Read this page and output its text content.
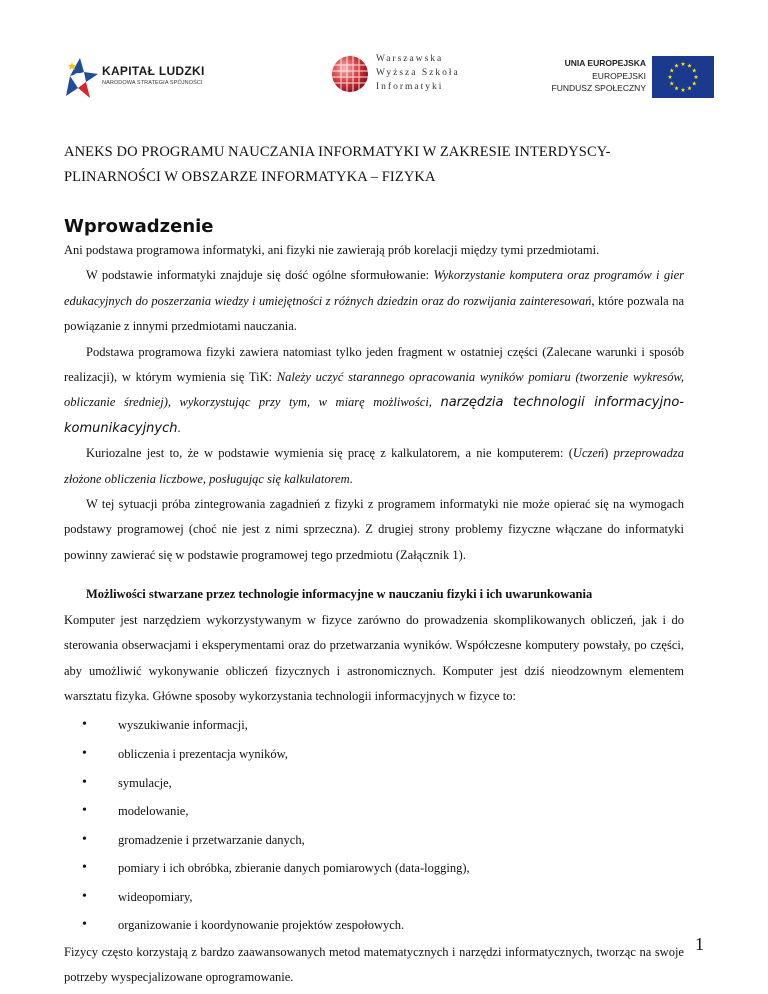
KAPITAŁ LUDZKI
NARODOWA STRATEGIA SPÓJNOŚCI
Warszawska
Wyższa Szkoła
Informatyki
UNIA EUROPEJSKA
EUROPEJSKI
FUNDUSZ SPOŁECZNY
ANEKS DO PROGRAMU NAUCZANIA INFORMATYKI W ZAKRESIE INTERDYSCY-
PLINARNOŚCI W OBSZARZE INFORMATYKA – FIZYKA
Wprowadzenie

Ani podstawa programowa informatyki, ani fizyki nie zawierają prób korelacji między tymi przedmiotami.

W podstawie informatyki znajduje się dość ogólne sformułowanie: Wykorzystanie komputera oraz programów i gier edukacyjnych do poszerzania wiedzy i umiejętności z różnych dziedzin oraz do rozwijania zainteresowań, które pozwala na powiązanie z innymi przedmiotami nauczania.

Podstawa programowa fizyki zawiera natomiast tylko jeden fragment w ostatniej części (Zalecane warunki i sposób realizacji), w którym wymienia się TiK: Należy uczyć starannego opracowania wyników pomiaru (tworzenie wykresów, obliczanie średniej), wykorzystując przy tym, w miarę możliwości, narzędzia technologii informacyjno-komunikacyjnych.

Kuriozalne jest to, że w podstawie wymienia się pracę z kalkulatorem, a nie komputerem: (Uczeń) przeprowadza złożone obliczenia liczbowe, posługując się kalkulatorem.

W tej sytuacji próba zintegrowania zagadnień z fizyki z programem informatyki nie może opierać się na wymogach podstawy programowej (choć nie jest z nimi sprzeczna). Z drugiej strony problemy fizyczne włączane do informatyki powinny zawierać się w podstawie programowej tego przedmiotu (Załącznik 1).

Możliwości stwarzane przez technologie informacyjne w nauczaniu fizyki i ich uwarunkowania

Komputer jest narzędziem wykorzystywanym w fizyce zarówno do prowadzenia skomplikowanych obliczeń, jak i do sterowania obserwacjami i eksperymentami oraz do przetwarzania wyników. Współczesne komputery powstały, po części, aby umożliwić wykonywanie obliczeń fizycznych i astronomicznych. Komputer jest dziś nieodzownym elementem warsztatu fizyka. Główne sposoby wykorzystania technologii informacyjnych w fizyce to:

• wyszukiwanie informacji,
• obliczenia i prezentacja wyników,
• symulacje,
• modelowanie,
• gromadzenie i przetwarzanie danych,
• pomiary i ich obróbka, zbieranie danych pomiarowych (data-logging),
• wideopomiary,
• organizowanie i koordynowanie projektów zespołowych.

Fizycy często korzystają z bardzo zaawansowanych metod matematycznych i narzędzi informatycznych, tworząc na swoje potrzeby wyspecjalizowane oprogramowanie.

1
